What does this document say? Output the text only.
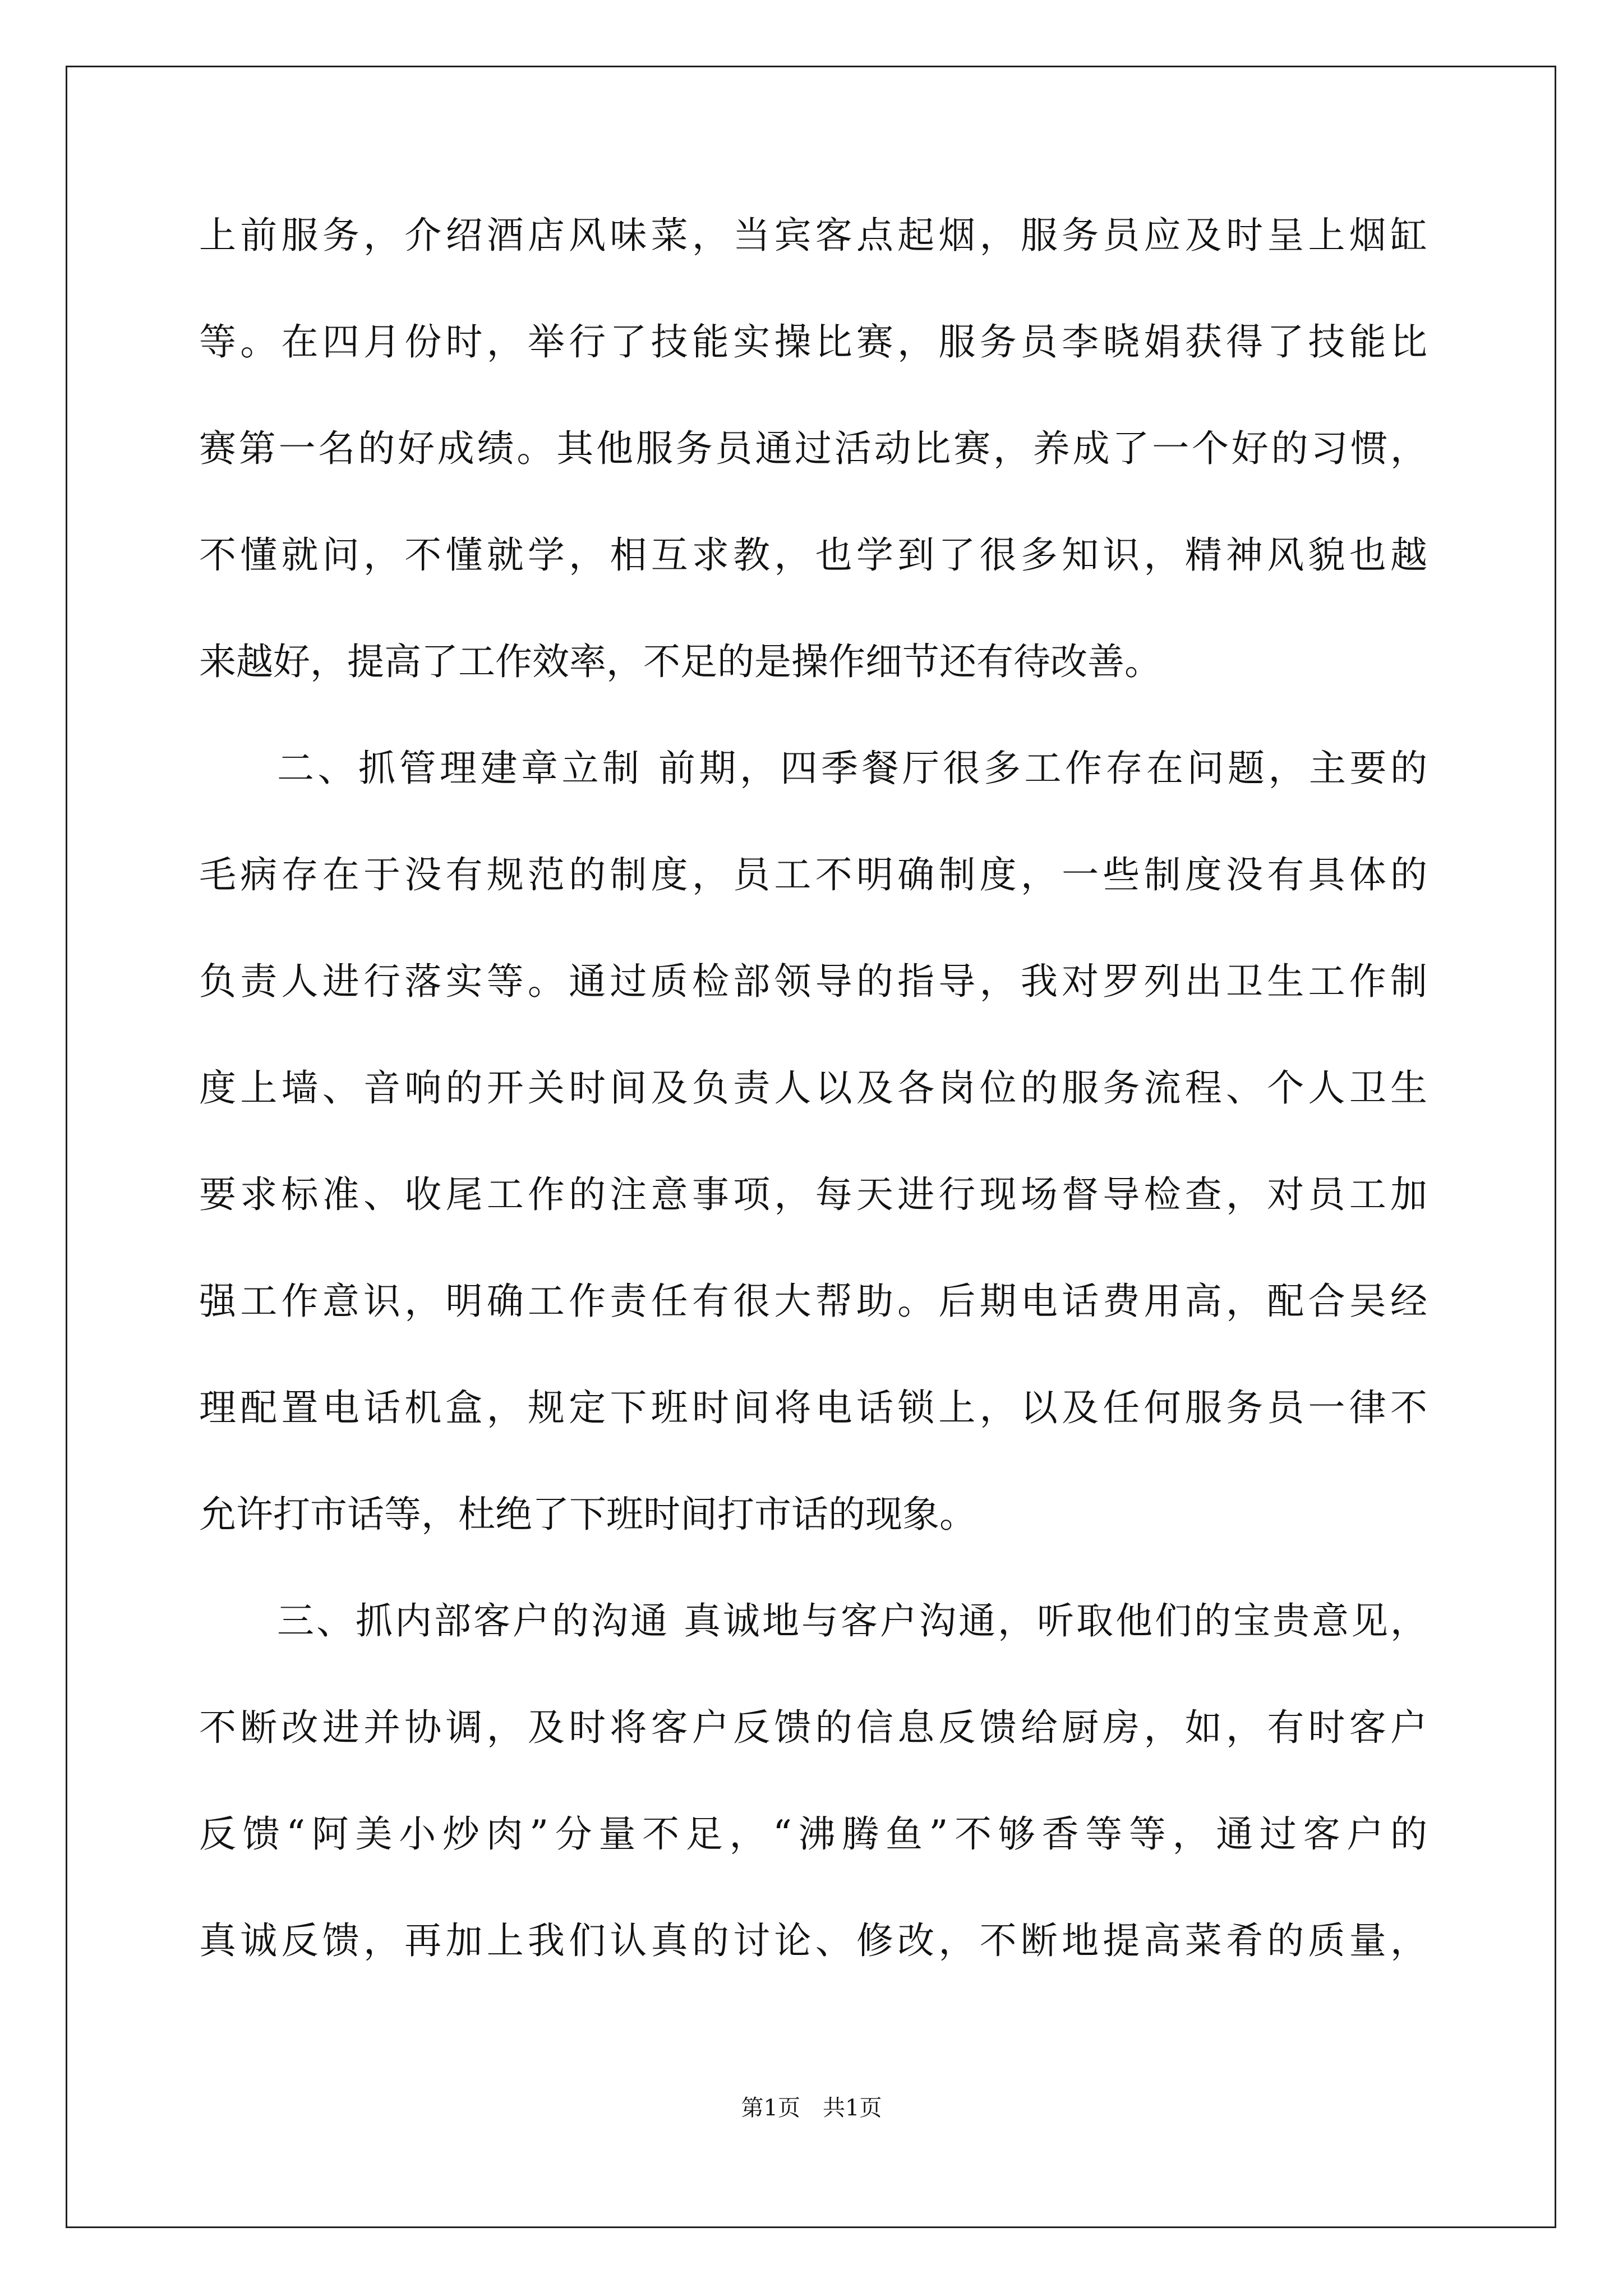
上前服务，介绍酒店风味菜，当宾客点起烟，服务员应及时呈上烟缸
等。在四月份时，举行了技能实操比赛，服务员李晓娟获得了技能比
赛第一名的好成绩。其他服务员通过活动比赛，养成了一个好的习惯，
不懂就问，不懂就学，相互求教，也学到了很多知识，精神风貌也越
来越好，提高了工作效率，不足的是操作细节还有待改善。
二、抓管理建章立制 前期，四季餐厅很多工作存在问题，主要的
毛病存在于没有规范的制度，员工不明确制度，一些制度没有具体的
负责人进行落实等。通过质检部领导的指导，我对罗列出卫生工作制
度上墙、音响的开关时间及负责人以及各岗位的服务流程、个人卫生
要求标准、收尾工作的注意事项，每天进行现场督导检查，对员工加
强工作意识，明确工作责任有很大帮助。后期电话费用高，配合吴经
理配置电话机盒，规定下班时间将电话锁上，以及任何服务员一律不
允许打市话等，杜绝了下班时间打市话的现象。
三、抓内部客户的沟通 真诚地与客户沟通，听取他们的宝贵意见，
不断改进并协调，及时将客户反馈的信息反馈给厨房，如，有时客户
反馈“阿美小炒肉”分量不足，“沸腾鱼”不够香等等，通过客户的
真诚反馈，再加上我们认真的讨论、修改，不断地提高菜肴的质量，
第1页　共1页
